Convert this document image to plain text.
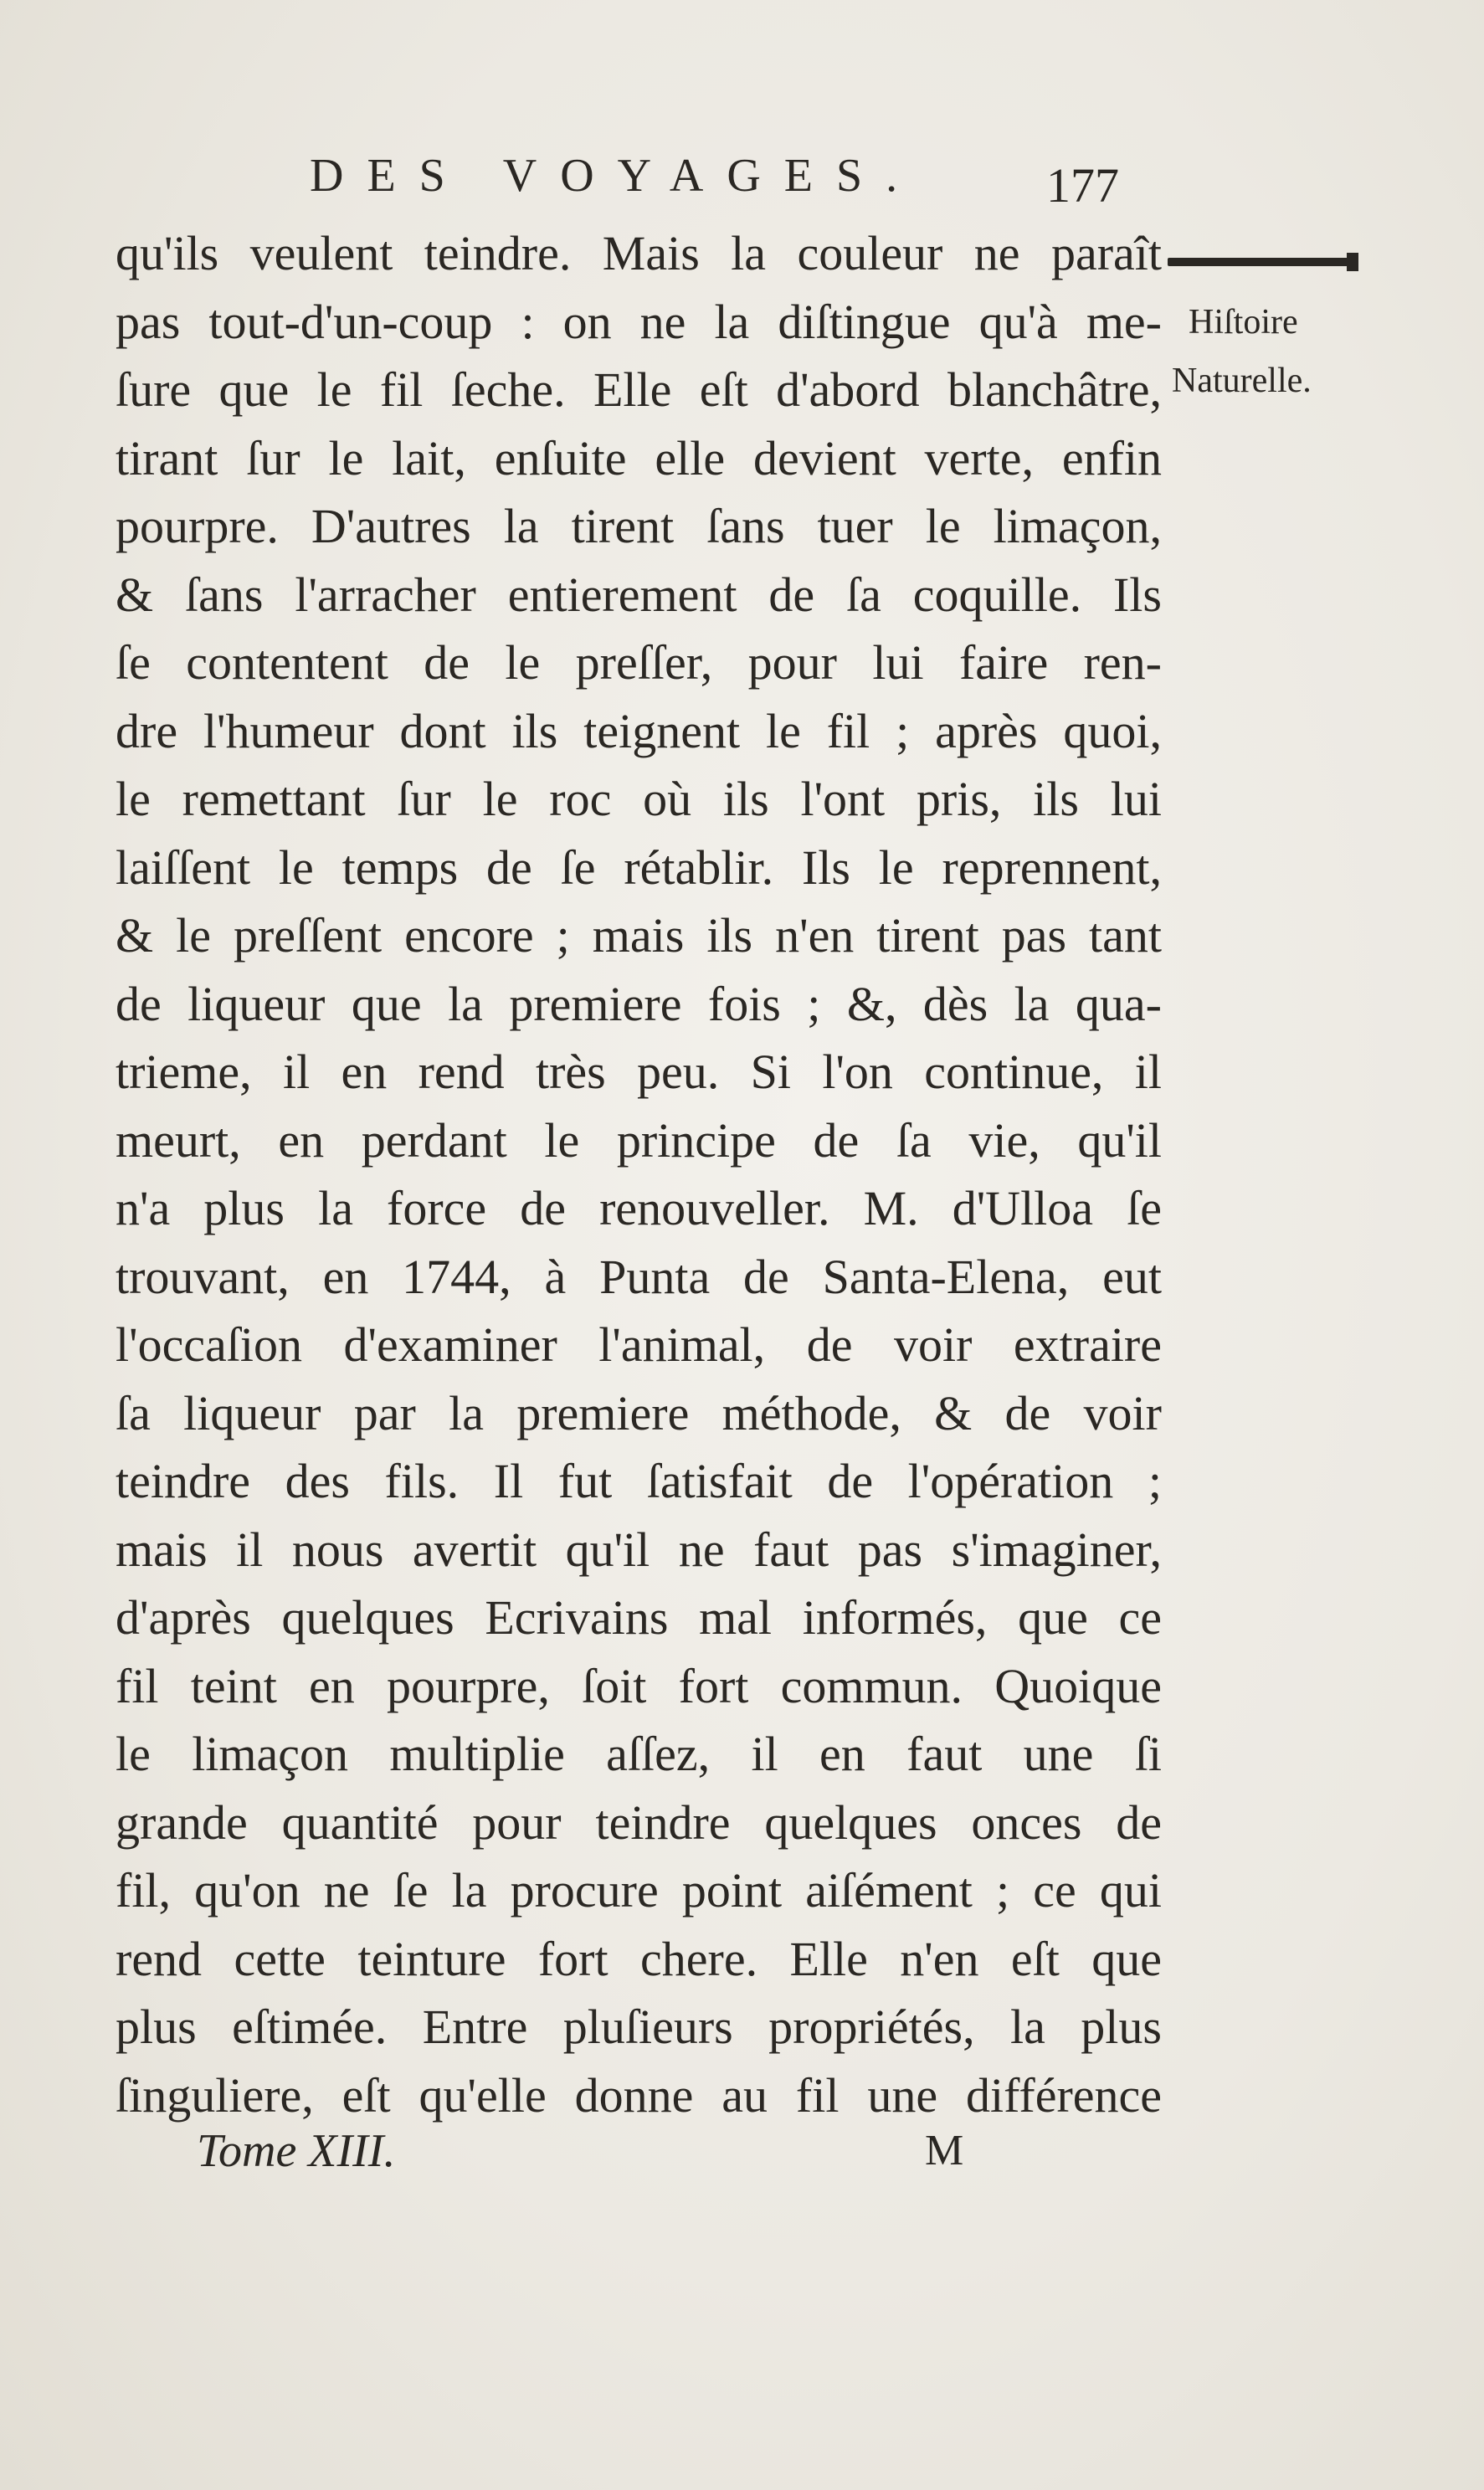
DES VOYAGES.	177
Hiſtoire
Naturelle.
qu'ils veulent teindre. Mais la couleur ne paraît
pas tout-d'un-coup : on ne la diſtingue qu'à me-
ſure que le fil ſeche. Elle eſt d'abord blanchâtre,
tirant ſur le lait, enſuite elle devient verte, enfin
pourpre. D'autres la tirent ſans tuer le limaçon,
& ſans l'arracher entierement de ſa coquille. Ils
ſe contentent de le preſſer, pour lui faire ren-
dre l'humeur dont ils teignent le fil ; après quoi,
le remettant ſur le roc où ils l'ont pris, ils lui
laiſſent le temps de ſe rétablir. Ils le reprennent,
& le preſſent encore ; mais ils n'en tirent pas tant
de liqueur que la premiere fois ; &, dès la qua-
trieme, il en rend très peu. Si l'on continue, il
meurt, en perdant le principe de ſa vie, qu'il
n'a plus la force de renouveller. M. d'Ulloa ſe
trouvant, en 1744, à Punta de Santa-Elena, eut
l'occaſion d'examiner l'animal, de voir extraire
ſa liqueur par la premiere méthode, & de voir
teindre des fils. Il fut ſatisfait de l'opération ;
mais il nous avertit qu'il ne faut pas s'imaginer,
d'après quelques Ecrivains mal informés, que ce
fil teint en pourpre, ſoit fort commun. Quoique
le limaçon multiplie aſſez, il en faut une ſi
grande quantité pour teindre quelques onces de
fil, qu'on ne ſe la procure point aiſément ; ce qui
rend cette teinture fort chere. Elle n'en eſt que
plus eſtimée. Entre pluſieurs propriétés, la plus
ſinguliere, eſt qu'elle donne au fil une différence
Tome XIII.	M
